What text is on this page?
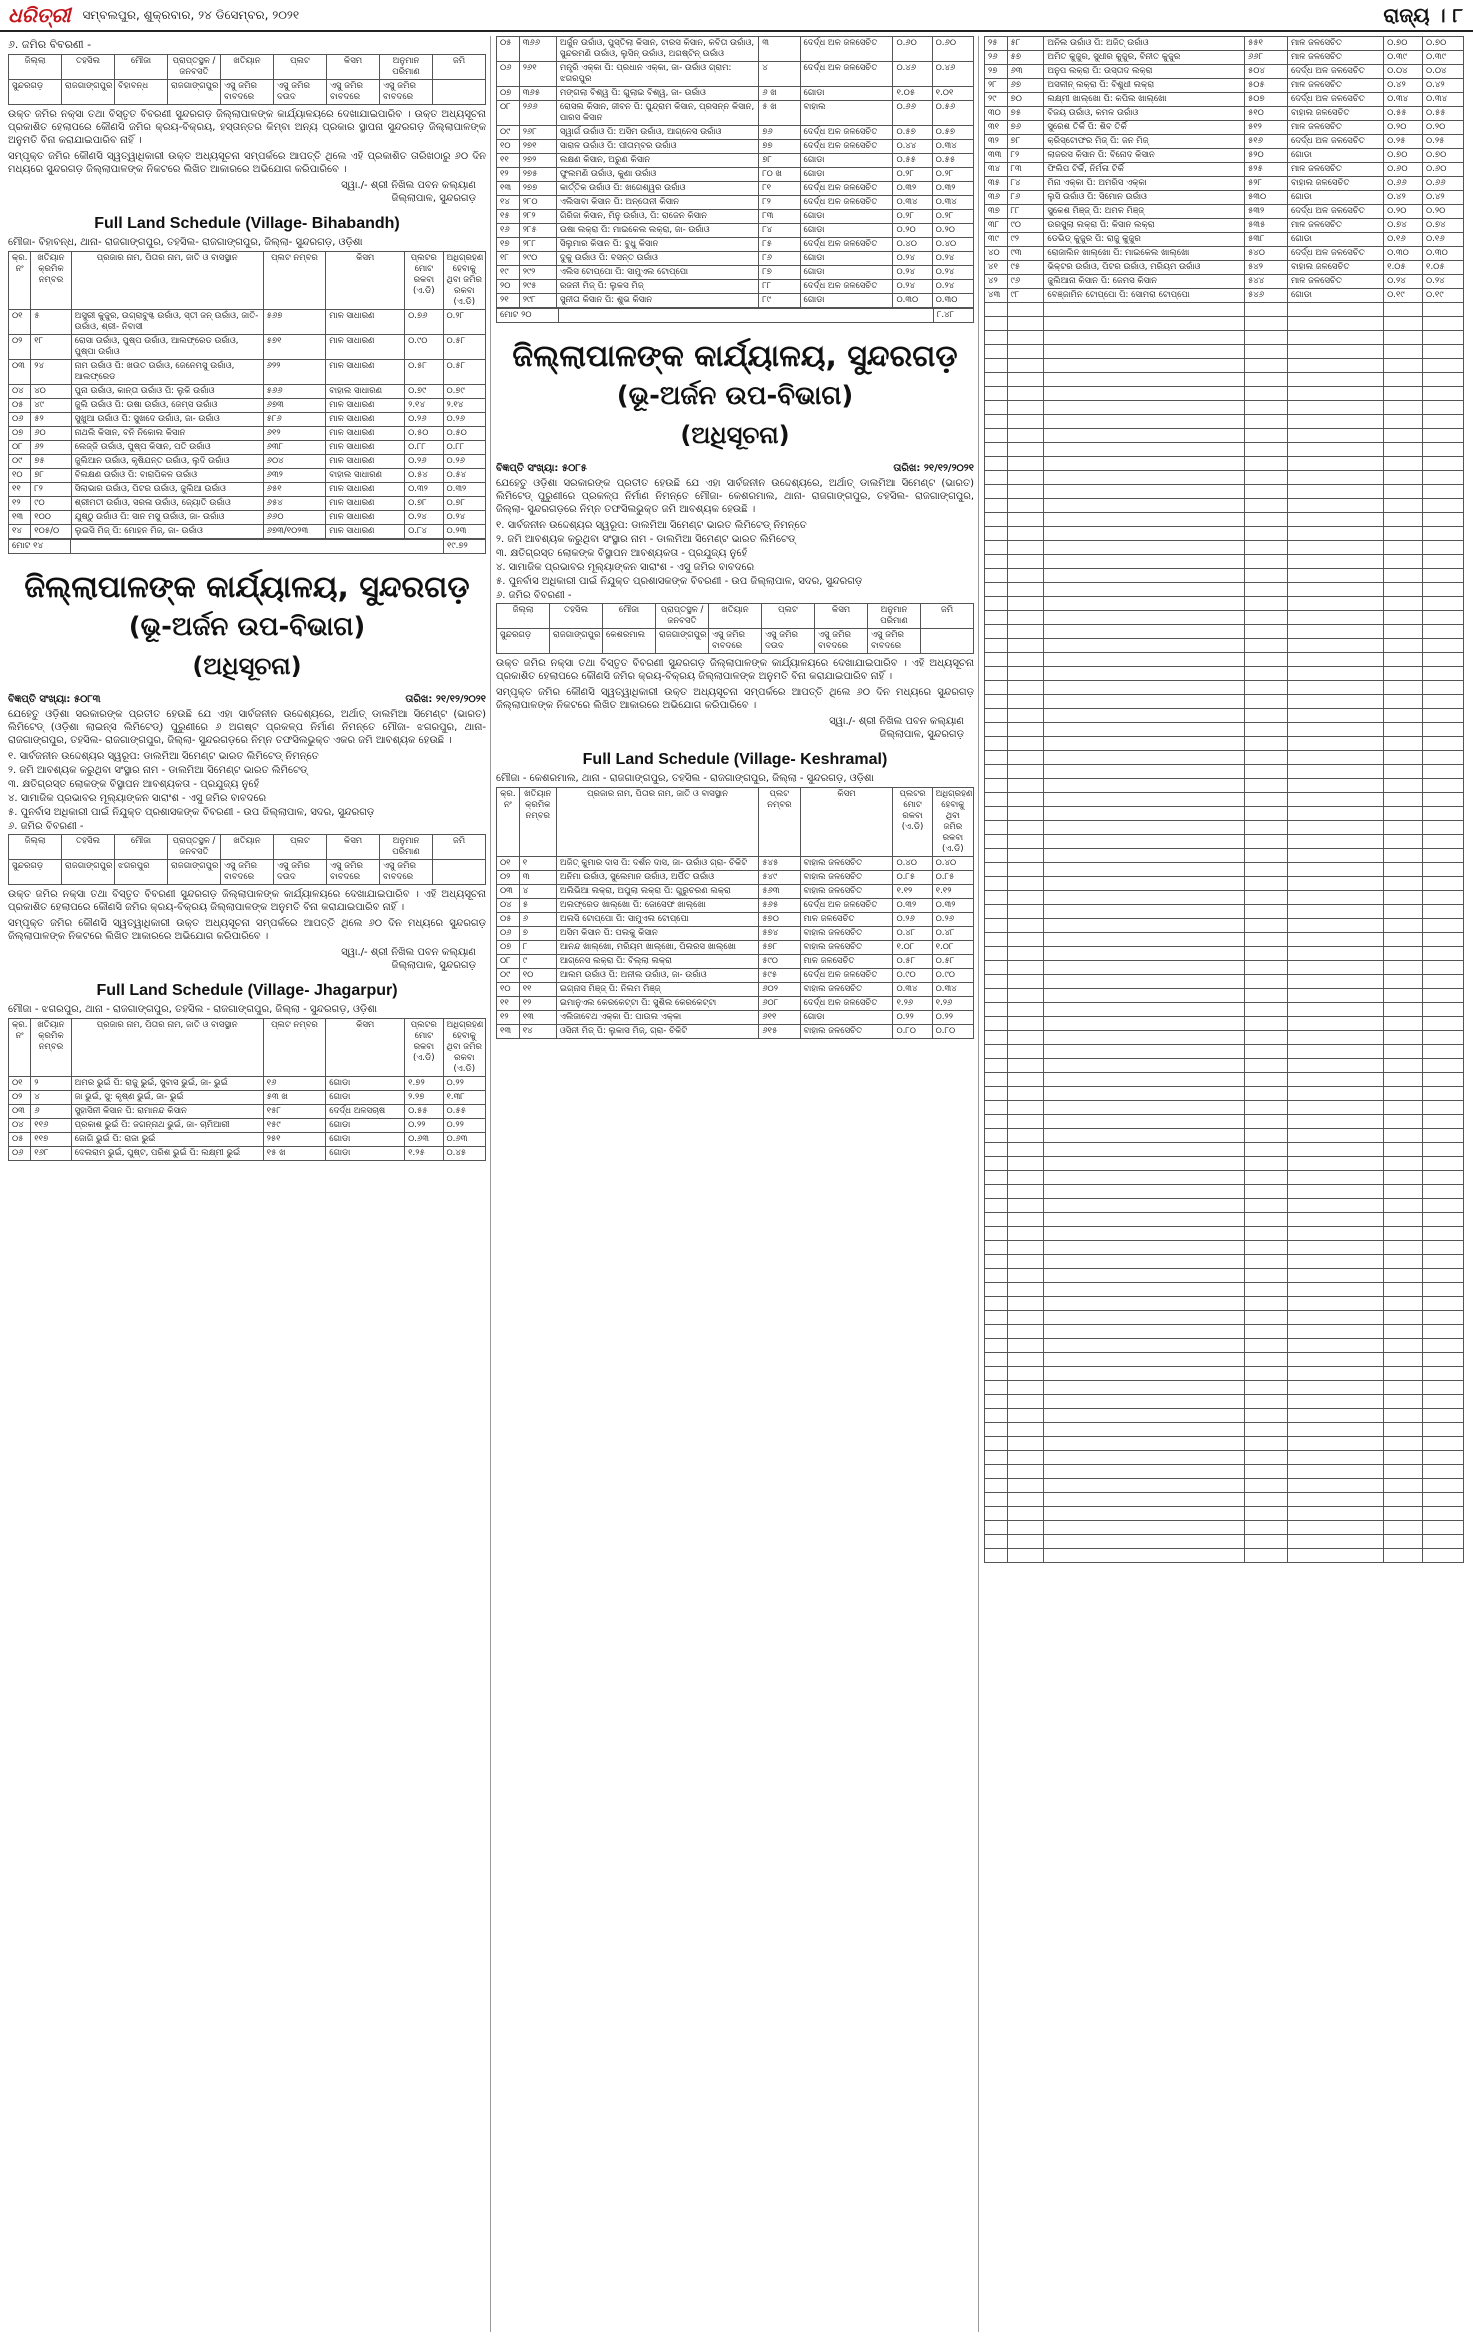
ଧରିତ୍ରୀ ସମ୍ବଲପୁର, ଶୁକ୍ରବାର, ୨୪ ଡିସେମ୍ବର, ୨୦୨୧	ରାଜ୍ୟ । ୮
୬. ଜମିର ବିବରଣୀ -
ଜିଲ୍ଲା	ତହସିଲ	ମୌଜା	ପ୍ରାପ୍ତସ୍ଥଳ / ଜନବସତି	ଖତିୟାନ	ପ୍ଲଟ	କିସମ	ଅନୁମାନ ପରିମାଣ	ଜମି
ସୁନ୍ଦରଗଡ଼	ରାଜଗାଙ୍ଗପୁର	ବିହାବନ୍ଧ	ରାଜଗାଙ୍ଗପୁର	ଏସୁ ଜମିର ବାବଦରେ	ଏସୁ ଜମିର ଦଉଦ	ଏସୁ ଜମିର ବାବଦରେ	ଏସୁ ଜମିର ବାବଦରେ	

ଉକ୍ତ ଜମିର ନକ୍ସା ତଥା ବିସ୍ତୃତ ବିବରଣୀ ସୁନ୍ଦରଗଡ଼ ଜିଲ୍ଲାପାଳଙ୍କ କାର୍ଯ୍ୟାଳୟରେ ଦେଖାଯାଇପାରିବ । ଉକ୍ତ ଅଧ୍ୟସୂଚନା ପ୍ରକାଶିତ ହେଲାପରେ କୌଣସି ଜମିର କ୍ରୟ-ବିକ୍ରୟ, ହସ୍ତାନ୍ତର କିମ୍ବା ଅନ୍ୟ ପ୍ରକାର ସ୍ଥାପନା ସୁନ୍ଦରଗଡ଼ ଜିଲ୍ଲାପାଳଙ୍କ ଅନୁମତି ବିନା କରାଯାଇପାରିବ ନାହିଁ ।

ସମ୍ପୃକ୍ତ ଜମିର କୌଣସି ସ୍ୱତ୍ୱାଧିକାରୀ ଉକ୍ତ ଅଧ୍ୟସୂଚନା ସମ୍ପର୍କରେ ଆପତ୍ତି ଥିଲେ ଏହି ପ୍ରକାଶିତ ତାରିଖଠାରୁ ୬୦ ଦିନ ମଧ୍ୟରେ ସୁନ୍ଦରଗଡ଼ ଜିଲ୍ଲାପାଳଙ୍କ ନିକଟରେ ଲିଖିତ ଆକାରରେ ଅଭିଯୋଗ କରିପାରିବେ ।

ସ୍ୱା./- ଶ୍ରୀ ନିଖିଲ ପବନ କଲ୍ୟାଣ
ଜିଲ୍ଲାପାଳ, ସୁନ୍ଦରଗଡ଼
Full Land Schedule (Village- Bihabandh)
ମୌଜା- ବିହାବନ୍ଧ, ଥାନା- ରାଜଗାଙ୍ଗପୁର, ତହସିଲ- ରାଜଗାଙ୍ଗପୁର, ଜିଲ୍ଲା- ସୁନ୍ଦରଗଡ଼, ଓଡ଼ିଶା
କ୍ର. ନଂ	ଖତିୟାନ କ୍ରମିକ ନମ୍ବର	ପ୍ରଜାର ନାମ, ପିତାର ନାମ, ଜାତି ଓ ବାସସ୍ଥାନ	ପ୍ଲଟ ନମ୍ବର	କିସମ	ପ୍ଲଟର ମୋଟ ରକବା (ଏ.ଡି)	ଅଧିଗ୍ରହଣ ହେବାକୁ ଥିବା ଜମିର ରକବା (ଏ.ଡି)
୦୧	୫	ଅସୁରୀ କୁଜୁର, ଉଗ୍ରାବୁଗ୍ଦ ଉରାଁଓ, ସ୍ତୀ ଜନ୍ ଉରାଁଓ, ଜାତି- ଉରାଁଓ, ଶ୍ରୀ- ନିବାସୀ	୫୬୭	ମାଳ ସାଧାରଣ	୦.୭୬	୦.୨୮
୦୨	୧୮	ରୋସା ଉରାଁଓ, ପୁଷ୍ପ ଉରାଁଓ, ଆଲଫ୍ରେଡ ଉରାଁଓ, ପୁଷ୍ପା ଉରାଁଓ	୫୭୧	ମାଳ ସାଧାରଣ	୦.୯୦	୦.୫୮
୦୩	୨୪	ନାମ ଉରାଁଓ ପି: ଖଉତ ଉରାଁଓ, ଜେନେମସୁ ଉରାଁଓ, ଆଲଫ୍ରେଡ	୬୨୨	ମାଳ ସାଧାରଣ	୦.୫୮	୦.୫୮
୦୪	୪୦	ପୁନା ଉରାଁଓ, କାନ୍ତା ଉରାଁଓ ପି: ଲୁକି ଉରାଁଓ	୫୬୬	ବାହାଲ ସାଧାରଣ	୦.୭୯	୦.୭୯
୦୫	୪୯	ଜୁଲି ଉରାଁଓ ପି: ଉଷା ଉରାଁଓ, ଜେମ୍ସ ଉରାଁଓ	୬୭୩	ମାଳ ସାଧାରଣ	୨.୧୪	୨.୧୪
୦୬	୫୨	ସୁଖୁଆ ଉରାଁଓ ପି: ସୁଖଦେ ଉରାଁଓ, ଜା- ଉରାଁଓ	୫୮୬	ମାଳ ସାଧାରଣ	୦.୨୬	୦.୨୬
୦୭	୬୦	ନାଥଲି କିସାନ, ବନି ନିକୋଲ କିସାନ	୬୧୨	ମାଳ ସାଧାରଣ	୦.୫୦	୦.୫୦
୦୮	୬୨	ଲେଜ୍ଜି ଉରାଁଓ, ପୁଷ୍ପ କିସାନ, ପତି ଉରାଁଓ	୬୩୮	ମାଳ ସାଧାରଣ	୦.୮୮	୦.୮୮
୦୯	୭୫	ଜୁଲିଆନ ଉରାଁଓ, କୃଷିଯନ୍ତ ଉରାଁଓ, ଲୁଦି ଉରାଁଓ	୬୦୪	ମାଳ ସାଧାରଣ	୦.୨୬	୦.୨୬
୧୦	୭୮	ବିଲକ୍ଷଣ ଉରାଁଓ ପି: ବାରାପିକଳ ଉରାଁଓ	୬୩୨	ବାହାଲ ସାଧାରଣ	୦.୫୪	୦.୫୪
୧୧	୮୨	ସିଲାଭାର ଉରାଁଓ, ପିଟର ଉରାଁଓ, ଜୁଲିଆ ଉରାଁଓ	୬୫୧	ମାଳ ସାଧାରଣ	୦.୩୨	୦.୩୨
୧୨	୯୦	ଶ୍ରୀମତୀ ଉରାଁଓ, ସରଳା ଉରାଁଓ, ଜ୍ୟୋତି ଉରାଁଓ	୬୫୪	ମାଳ ସାଧାରଣ	୦.୭୮	୦.୭୮
୧୩	୧୦୦	ଯୁଷ୍ଠୁ ଉରାଁଓ ପି: ସାନ ମସୁ ଉରାଁଓ, ଜା- ଉରାଁଓ	୬୬୦	ମାଳ ସାଧାରଣ	୦.୨୪	୦.୨୪
୧୪	୧୦୫/୦	ଲୁଇସି ମିଜ୍ ପି: ମୋହନ ମିଜ୍, ଜା- ଉରାଁଓ	୬୭୩/୧୦୨୩	ମାଳ ସାଧାରଣ	୦.୮୪	୦.୨୩
ମୋଟ ୧୪		୧୯.୭୨
ଜିଲ୍ଲାପାଳଙ୍କ କାର୍ଯ୍ୟାଳୟ, ସୁନ୍ଦରଗଡ଼
(ଭୂ-ଅର୍ଜନ ଉପ-ବିଭାଗ)
(ଅଧିସୂଚନା)
ବିଜ୍ଞପ୍ତି ସଂଖ୍ୟା: ୫୦୮୩	ତାରିଖ: ୨୧/୧୨/୨୦୨୧

ଯେହେତୁ ଓଡ଼ିଶା ସରକାରଙ୍କ ପ୍ରତୀତ ହେଉଛି ଯେ ଏହା ସାର୍ବଜନୀନ ଉଦ୍ଦେଶ୍ୟରେ, ଅର୍ଥାତ୍ ଡାଲମିଆ ସିମେଣ୍ଟ (ଭାରତ) ଲିମିଟେଡ୍ (ଓଡ଼ିଶା ଲାଇନ୍ସ ଲିମିଟେଡ୍) ପୁରୁଣୀରେ ୬ ଅଗଷ୍ଟ ପ୍ରକଳ୍ପ ନିର୍ମାଣ ନିମନ୍ତେ ମୌଜା- ଝଗରପୁର, ଥାନା- ରାଜଗାଙ୍ଗପୁର, ତହସିଲ- ରାଜଗାଙ୍ଗପୁର, ଜିଲ୍ଲା- ସୁନ୍ଦରଗଡ଼ରେ ନିମ୍ନ ତଫସିଲଭୁକ୍ତ ଏକର ଜମି ଆବଶ୍ୟକ ହେଉଛି ।

୧. ସାର୍ବଜନୀନ ଉଦ୍ଦେଶ୍ୟର ସ୍ୱରୂପ: ଡାଲମିଆ ସିମେଣ୍ଟ ଭାରତ ଲିମିଟେଡ୍ ନିମନ୍ତେ

୨. ଜମି ଆବଶ୍ୟକ କରୁଥିବା ସଂସ୍ଥାର ନାମ - ଡାଲମିଆ ସିମେଣ୍ଟ ଭାରତ ଲିମିଟେଡ୍

୩. କ୍ଷତିଗ୍ରସ୍ତ ଲୋକଙ୍କ ବିସ୍ଥାପନ ଆବଶ୍ୟକତା - ପ୍ରଯୁଜ୍ୟ ନୁହେଁ

୪. ସାମାଜିକ ପ୍ରଭାବର ମୂଲ୍ୟାଙ୍କନ ସାରାଂଶ - ଏସୁ ଜମିର ବାବଦରେ

୫. ପୁନର୍ବାସ ଅଧିକାରୀ ପାଇଁ ନିଯୁକ୍ତ ପ୍ରଶାସକଙ୍କ ବିବରଣୀ - ଉପ ଜିଲ୍ଲାପାଳ, ସଦର, ସୁନ୍ଦରଗଡ଼

୬. ଜମିର ବିବରଣୀ -

ଜିଲ୍ଲା	ତହସିଲ	ମୌଜା	ପ୍ରାପ୍ତସ୍ଥଳ / ଜନବସତି	ଖତିୟାନ	ପ୍ଲଟ	କିସମ	ଅନୁମାନ ପରିମାଣ	ଜମି
ସୁନ୍ଦରଗଡ଼	ରାଜଗାଙ୍ଗପୁର	ଝଗରପୁର	ରାଜଗାଙ୍ଗପୁର	ଏସୁ ଜମିର ବାବଦରେ	ଏସୁ ଜମିର ଦଉଦ	ଏସୁ ଜମିର ବାବଦରେ	ଏସୁ ଜମିର ବାବଦରେ	

ଉକ୍ତ ଜମିର ନକ୍ସା ତଥା ବିସ୍ତୃତ ବିବରଣୀ ସୁନ୍ଦରଗଡ଼ ଜିଲ୍ଲାପାଳଙ୍କ କାର୍ଯ୍ୟାଳୟରେ ଦେଖାଯାଇପାରିବ । ଏହି ଅଧ୍ୟସୂଚନା ପ୍ରକାଶିତ ହେଲାପରେ କୌଣସି ଜମିର କ୍ରୟ-ବିକ୍ରୟ ଜିଲ୍ଲାପାଳଙ୍କ ଅନୁମତି ବିନା କରାଯାଇପାରିବ ନାହିଁ ।

ସମ୍ପୃକ୍ତ ଜମିର କୌଣସି ସ୍ୱତ୍ୱାଧିକାରୀ ଉକ୍ତ ଅଧ୍ୟସୂଚନା ସମ୍ପର୍କରେ ଆପତ୍ତି ଥିଲେ ୬୦ ଦିନ ମଧ୍ୟରେ ସୁନ୍ଦରଗଡ଼ ଜିଲ୍ଲାପାଳଙ୍କ ନିକଟରେ ଲିଖିତ ଆକାରରେ ଅଭିଯୋଗ କରିପାରିବେ ।

ସ୍ୱା./- ଶ୍ରୀ ନିଖିଲ ପବନ କଲ୍ୟାଣ
ଜିଲ୍ଲାପାଳ, ସୁନ୍ଦରଗଡ଼
Full Land Schedule (Village- Jhagarpur)
ମୌଜା - ଝଗରପୁର, ଥାନା - ରାଜଗାଙ୍ଗପୁର, ତହସିଲ - ରାଜଗାଙ୍ଗପୁର, ଜିଲ୍ଲା - ସୁନ୍ଦରଗଡ଼, ଓଡ଼ିଶା
କ୍ର. ନଂ	ଖତିୟାନ କ୍ରମିକ ନମ୍ବର	ପ୍ରଜାର ନାମ, ପିତାର ନାମ, ଜାତି ଓ ବାସସ୍ଥାନ	ପ୍ଲଟ ନମ୍ବର	କିସମ	ପ୍ଲଟର ମୋଟ ରକବା (ଏ.ଡି)	ଅଧିଗ୍ରହଣ ହେବାକୁ ଥିବା ଜମିର ରକବା (ଏ.ଡି)
୦୧	୨	ଅମର ଭୁଇଁ ପି: ରାଜୁ ଭୁଇଁ, ସୁବାସ ଭୁଇଁ, ଜା- ଭୁଇଁ	୧୬	ଗୋଡା	୧.୭୨	୦.୨୨
୦୨	୪	ଜା ଭୁଇଁ, ସୁ: କୃଷ୍ଣ ଭୁଇଁ, ଜା- ଭୁଇଁ	୫୩ ଖ	ଗୋଡା	୨.୨୭	୧.୩୮
୦୩	୬	ସୁହାସିନୀ କିସାନ ପି: ରାମାନନ୍ଦ କିସାନ	୧୫୮	ଦେର୍ଦ୍ଧ ଅଳସଚାଷ	୦.୫୫	୦.୫୫
୦୪	୧୧୬	ପ୍ରକାଶ ଭୁଇଁ ପି: ଜଗନ୍ନାଥ ଭୁଇଁ, ଜା- ଚାମିଆରୀ	୧୫୯	ଗୋଡା	୦.୨୨	୦.୨୨
୦୫	୧୧୭	ଜୋଗି ଭୁଇଁ ପି: ରାଜା ଭୁଇଁ	୨୫୧	ଗୋଡା	୦.୬୩	୦.୬୩
୦୬	୧୬୮	ଦେଲରାମ ଭୁଇଁ, ପୁଷ୍ଟ, ପରିଶ ଭୁଇଁ ପି: ଲକ୍ଷ୍ମୀ ଭୁଇଁ	୧୫ ଖ	ଗୋଡା	୧.୨୫	୦.୪୫
୦୫	୩୬୬	ଅର୍ଜୁନ ଉରାଁଓ, ପୁସ୍ତିଲା କିସାନ, ଟାରସ କିସାନ, କବିତା ଉରାଁଓ, ସୁନ୍ଦରମଣି ଉରାଁଓ, ଲୁସିନ୍ ଉରାଁଓ, ଅଗଷ୍ଟିନ୍ ଉରାଁଓ	୩	ଦେର୍ଦ୍ଧ ଅଳ ଜଳସେଚିତ	୦.୬୦	୦.୬୦
୦୬	୨୬୧	ମନ୍ତ୍ରି ଏକ୍କା ପି: ପ୍ରଧାନ ଏକ୍କା, ଜା- ଉରାଁଓ ଗ୍ରାମ: ଝଗରପୁର	୪	ଦେର୍ଦ୍ଧ ଅଳ ଜଳସେଚିତ	୦.୪୬	୦.୪୬
୦୭	୩୬୫	ମଙ୍ଗଲା ବିଶ୍ୱ ପି: ଗୁଲାଇ ବିଶ୍ୱ, ଜା- ଉରାଁଓ	୬ ଖ	ଗୋଡା	୧.୦୫	୧.୦୧
୦୮	୨୬୬	ରୋସଲ କିସାନ, ଜୀବନ ପି: ପୁନ୍ଦ୍ରାମ କିସାନ, ପ୍ରସନ୍ନ କିସାନ, ପାରସ କିସାନ	୫ ଖ	ବାହାଲ	୦.୬୬	୦.୫୬
୦୯	୨୬୮	ସ୍ୱାର୍ଗ ଉରାଁଓ ପି: ଅସିମ ଉରାଁଓ, ଆଗ୍ନେସ ଉରାଁଓ	୭୬	ଦେର୍ଦ୍ଧ ଅଳ ଜଳସେଚିତ	୦.୫୭	୦.୫୭
୧୦	୨୭୧	ସାରାଳ ଉରାଁଓ ପି: ପୀତାମ୍ବର ଉରାଁଓ	୭୭	ଦେର୍ଦ୍ଧ ଅଳ ଜଳସେଚିତ	୦.୪୪	୦.୩୪
୧୧	୨୭୨	ଲକ୍ଷଣ କିସାନ, ଅରୁଣ କିସାନ	୭୮	ଗୋଡା	୦.୫୫	୦.୫୫
୧୨	୨୭୫	ଫୁଲମଣି ଉରାଁଓ, କୁଣା ଉରାଁଓ	୮୦ ଖ	ଗୋଡା	୦.୨୮	୦.୨୮
୧୩	୨୭୭	କାର୍ତ୍ତିକ ଉରାଁଓ ପି: ଖଗେଶ୍ୱର ଉରାଁଓ	୮୧	ଦେର୍ଦ୍ଧ ଅଳ ଜଳସେଚିତ	୦.୩୨	୦.୩୨
୧୪	୨୮୦	ଏଲିସାବା କିସାନ ପି: ଅନ୍ତୋନୀ କିସାନ	୮୨	ଦେର୍ଦ୍ଧ ଅଳ ଜଳସେଚିତ	୦.୩୪	୦.୩୪
୧୫	୨୮୨	ଗିରିଜା କିସାନ, ମିନୁ ଉରାଁଓ, ପି: ରାଜେନ କିସାନ	୮୩	ଗୋଡା	୦.୨୮	୦.୨୮
୧୬	୨୮୫	ଉଷା ଲକ୍ରା ପି: ମାଇକେଲ ଲକ୍ରା, ଜା- ଉରାଁଓ	୮୪	ଗୋଡା	୦.୨୦	୦.୨୦
୧୭	୨୮୮	ସିଲୁମାର କିସାନ ପି: ବୁଧୁ କିସାନ	୮୫	ଦେର୍ଦ୍ଧ ଅଳ ଜଳସେଚିତ	୦.୪୦	୦.୪୦
୧୮	୨୯୦	ଦୁକୁ ଉରାଁଓ ପି: ବସନ୍ତ ଉରାଁଓ	୮୬	ଗୋଡା	୦.୨୪	୦.୨୪
୧୯	୨୯୨	ଏଲିସ ଟୋପ୍ପୋ ପି: ସାମୁଏଲ ଟୋପ୍ପୋ	୮୭	ଗୋଡା	୦.୨୪	୦.୨୪
୨୦	୨୯୫	ରଜନୀ ମିଜ୍ ପି: ଲୁକସ ମିଜ୍	୮୮	ଦେର୍ଦ୍ଧ ଅଳ ଜଳସେଚିତ	୦.୨୪	୦.୨୪
୨୧	୨୯୮	ସୁନୀତା କିସାନ ପି: ଶୁଭ କିସାନ	୮୯	ଗୋଡା	୦.୩୦	୦.୩୦
ମୋଟ ୨୦		୮.୪୮
ଜିଲ୍ଲାପାଳଙ୍କ କାର୍ଯ୍ୟାଳୟ, ସୁନ୍ଦରଗଡ଼
(ଭୂ-ଅର୍ଜନ ଉପ-ବିଭାଗ)
(ଅଧିସୂଚନା)
ବିଜ୍ଞପ୍ତି ସଂଖ୍ୟା: ୫୦୮୫	ତାରିଖ: ୨୧/୧୨/୨୦୨୧

ଯେହେତୁ ଓଡ଼ିଶା ସରକାରଙ୍କ ପ୍ରତୀତ ହେଉଛି ଯେ ଏହା ସାର୍ବଜନୀନ ଉଦ୍ଦେଶ୍ୟରେ, ଅର୍ଥାତ୍ ଡାଲମିଆ ସିମେଣ୍ଟ (ଭାରତ) ଲିମିଟେଡ୍ ପୁରୁଣୀରେ ପ୍ରକଳ୍ପ ନିର୍ମାଣ ନିମନ୍ତେ ମୌଜା- କେଶରମାଲ, ଥାନା- ରାଜଗାଙ୍ଗପୁର, ତହସିଲ- ରାଜଗାଙ୍ଗପୁର, ଜିଲ୍ଲା- ସୁନ୍ଦରଗଡ଼ରେ ନିମ୍ନ ତଫସିଲଭୁକ୍ତ ଜମି ଆବଶ୍ୟକ ହେଉଛି ।

୧. ସାର୍ବଜନୀନ ଉଦ୍ଦେଶ୍ୟର ସ୍ୱରୂପ: ଡାଲମିଆ ସିମେଣ୍ଟ ଭାରତ ଲିମିଟେଡ୍ ନିମନ୍ତେ

୨. ଜମି ଆବଶ୍ୟକ କରୁଥିବା ସଂସ୍ଥାର ନାମ - ଡାଲମିଆ ସିମେଣ୍ଟ ଭାରତ ଲିମିଟେଡ୍

୩. କ୍ଷତିଗ୍ରସ୍ତ ଲୋକଙ୍କ ବିସ୍ଥାପନ ଆବଶ୍ୟକତା - ପ୍ରଯୁଜ୍ୟ ନୁହେଁ

୪. ସାମାଜିକ ପ୍ରଭାବର ମୂଲ୍ୟାଙ୍କନ ସାରାଂଶ - ଏସୁ ଜମିର ବାବଦରେ

୫. ପୁନର୍ବାସ ଅଧିକାରୀ ପାଇଁ ନିଯୁକ୍ତ ପ୍ରଶାସକଙ୍କ ବିବରଣୀ - ଉପ ଜିଲ୍ଲାପାଳ, ସଦର, ସୁନ୍ଦରଗଡ଼

୬. ଜମିର ବିବରଣୀ -

ଜିଲ୍ଲା	ତହସିଲ	ମୌଜା	ପ୍ରାପ୍ତସ୍ଥଳ / ଜନବସତି	ଖତିୟାନ	ପ୍ଲଟ	କିସମ	ଅନୁମାନ ପରିମାଣ	ଜମି
ସୁନ୍ଦରଗଡ଼	ରାଜଗାଙ୍ଗପୁର	କେଶରମାଲ	ରାଜଗାଙ୍ଗପୁର	ଏସୁ ଜମିର ବାବଦରେ	ଏସୁ ଜମିର ଦଉଦ	ଏସୁ ଜମିର ବାବଦରେ	ଏସୁ ଜମିର ବାବଦରେ	

ଉକ୍ତ ଜମିର ନକ୍ସା ତଥା ବିସ୍ତୃତ ବିବରଣୀ ସୁନ୍ଦରଗଡ଼ ଜିଲ୍ଲାପାଳଙ୍କ କାର୍ଯ୍ୟାଳୟରେ ଦେଖାଯାଇପାରିବ । ଏହି ଅଧ୍ୟସୂଚନା ପ୍ରକାଶିତ ହେଲାପରେ କୌଣସି ଜମିର କ୍ରୟ-ବିକ୍ରୟ ଜିଲ୍ଲାପାଳଙ୍କ ଅନୁମତି ବିନା କରାଯାଇପାରିବ ନାହିଁ ।

ସମ୍ପୃକ୍ତ ଜମିର କୌଣସି ସ୍ୱତ୍ୱାଧିକାରୀ ଉକ୍ତ ଅଧ୍ୟସୂଚନା ସମ୍ପର୍କରେ ଆପତ୍ତି ଥିଲେ ୬୦ ଦିନ ମଧ୍ୟରେ ସୁନ୍ଦରଗଡ଼ ଜିଲ୍ଲାପାଳଙ୍କ ନିକଟରେ ଲିଖିତ ଆକାରରେ ଅଭିଯୋଗ କରିପାରିବେ ।

ସ୍ୱା./- ଶ୍ରୀ ନିଖିଲ ପବନ କଲ୍ୟାଣ
ଜିଲ୍ଲାପାଳ, ସୁନ୍ଦରଗଡ଼
Full Land Schedule (Village- Keshramal)
ମୌଜା - କେଶରମାଲ, ଥାନା - ରାଜଗାଙ୍ଗପୁର, ତହସିଲ - ରାଜଗାଙ୍ଗପୁର, ଜିଲ୍ଲା - ସୁନ୍ଦରଗଡ଼, ଓଡ଼ିଶା
କ୍ର. ନଂ	ଖତିୟାନ କ୍ରମିକ ନମ୍ବର	ପ୍ରଜାର ନାମ, ପିତାର ନାମ, ଜାତି ଓ ବାସସ୍ଥାନ	ପ୍ଲଟ ନମ୍ବର	କିସମ	ପ୍ଲଟର ମୋଟ ରକବା (ଏ.ଡି)	ଅଧିଗ୍ରହଣ ହେବାକୁ ଥିବା ଜମିର ରକବା (ଏ.ଡି)
୦୧	୧	ଅଜିତ୍ କୁମାର ଦାସ ପି: ଦର୍ଶନ ଦାସ, ଜା- ଉରାଁଓ ଗ୍ରା- ଚିକିଟି	୫୪୫	ବାହାଲ ଜଳସେଚିତ	୦.୪୦	୦.୪୦
୦୨	୩	ଅନିମା ଉରାଁଓ, ସୁଲେମାନ ଉରାଁଓ, ଅର୍ପିତ ଉରାଁଓ	୫୪୯	ବାହାଲ ଜଳସେଚିତ	୦.୮୫	୦.୮୫
୦୩	୪	ଅଲିଭିଆ ଲକ୍ରା, ଅପୁଲା ଲକ୍ରା ପି: ଗୁରୁଚରଣ ଲକ୍ରା	୫୬୩	ବାହାଲ ଜଳସେଚିତ	୧.୧୨	୧.୧୨
୦୪	୫	ଅଲଫ୍ରେଡ ଖାଲ୍ଖୋ ପି: ଜୋସେଫ ଖାଲ୍ଖୋ	୫୬୫	ଦେର୍ଦ୍ଧ ଅଳ ଜଳସେଚିତ	୦.୩୨	୦.୩୨
୦୫	୬	ଅଲସି ଟୋପ୍ପୋ ପି: ସାମୁଏଲ ଟୋପ୍ପୋ	୫୭୦	ମାଳ ଜଳସେଚିତ	୦.୨୬	୦.୨୬
୦୬	୭	ଅସିମ କିସାନ ପି: ପଲକୁ କିସାନ	୫୭୪	ବାହାଲ ଜଳସେଚିତ	୦.୪୮	୦.୪୮
୦୭	୮	ଆନନ୍ଦ ଖାଲ୍ଖୋ, ମରିୟମ ଖାଲ୍ଖୋ, ପିଲରସ ଖାଲ୍ଖୋ	୫୭୮	ବାହାଲ ଜଳସେଚିତ	୧.୦୮	୧.୦୮
୦୮	୯	ଆଗ୍ନେସ ଲକ୍ରା ପି: ବିଲ୍ଲା ଲକ୍ରା	୫୯୦	ମାଳ ଜଳସେଚିତ	୦.୫୮	୦.୫୮
୦୯	୧୦	ଆଲମ ଉରାଁଓ ପି: ଅନୀଲ ଉରାଁଓ, ଜା- ଉରାଁଓ	୫୯୫	ଦେର୍ଦ୍ଧ ଅଳ ଜଳସେଚିତ	୦.୯୦	୦.୯୦
୧୦	୧୧	ଇଗ୍ନାସ ମିଞ୍ଜ୍ ପି: ନିଲମ ମିଞ୍ଜ୍	୬୦୨	ବାହାଲ ଜଳସେଚିତ	୦.୩୪	୦.୩୪
୧୧	୧୨	ଇମାନୁଏଲ କେରକେଟ୍ଟା ପି: ସୁଶିଲ କେରକେଟ୍ଟା	୬୦୮	ଦେର୍ଦ୍ଧ ଅଳ ଜଳସେଚିତ	୧.୨୬	୧.୨୬
୧୨	୧୩	ଏଲିଜାବେଥ ଏକ୍କା ପି: ପାଉଲ ଏକ୍କା	୬୧୧	ଗୋଡା	୦.୨୨	୦.୨୨
୧୩	୧୪	ଓସିନୀ ମିଜ୍ ପି: ଲୁକାସ ମିଜ୍, ଗ୍ରା- ଚିକିଟି	୬୧୫	ବାହାଲ ଜଳସେଚିତ	୦.୮୦	୦.୮୦
୨୫	୫୮	ଅନିଲ ଉରାଁଓ ପି: ଅଜିତ୍ ଉରାଁଓ	୫୫୧	ମାଳ ଜଳସେଚିତ	୦.୭୦	୦.୭୦
୨୬	୫୭	ଅମିତ କୁଜୁର, ସୁଧୀର କୁଜୁର, ବିନୀତ କୁଜୁର	୬୬୮	ମାଳ ଜଳସେଚିତ	୦.୩୯	୦.୩୯
୨୭	୬୩	ଅନୁପ ଲକ୍ରା ପି: ଉସ୍ତାଦ ଲକ୍ରା	୫୦୪	ଦେର୍ଦ୍ଧ ଅଳ ଜଳସେଚିତ	୦.୦୪	୦.୦୪
୨୮	୬୭	ଅସଳୀନ୍ ଲକ୍ରା ପି: ବିଶୁଧୀ ଲକ୍ରା	୫୦୫	ମାଳ ଜଳସେଚିତ	୦.୪୨	୦.୪୨
୨୯	୭୦	ଲକ୍ଷ୍ମୀ ଖାଲ୍ଖୋ ପି: କପିଲ ଖାଲ୍ଖୋ	୫୦୭	ଦେର୍ଦ୍ଧ ଅଳ ଜଳସେଚିତ	୦.୩୪	୦.୩୪
୩୦	୭୫	ବିଜୟ ଉରାଁଓ, କମଳ ଉରାଁଓ	୫୧୦	ବାହାଲ ଜଳସେଚିତ	୦.୫୫	୦.୫୫
୩୧	୭୬	ସୁରେଶ ତିର୍କି ପି: ଶିବ ତିର୍କି	୫୧୨	ମାଳ ଜଳସେଚିତ	୦.୨୦	୦.୨୦
୩୨	୭୮	କ୍ରିସ୍ଟୋଫର ମିଜ୍ ପି: ଜନ ମିଜ୍	୫୧୬	ଦେର୍ଦ୍ଧ ଅଳ ଜଳସେଚିତ	୦.୨୫	୦.୨୫
୩୩	୮୨	ଲାଜରସ କିସାନ ପି: ବିନୋଦ କିସାନ	୫୨୦	ଗୋଡା	୦.୭୦	୦.୭୦
୩୪	୮୩	ଫିଲିପ ଟିର୍କି, ନିର୍ମଳା ଟିର୍କି	୫୨୫	ମାଳ ଜଳସେଚିତ	୦.୬୦	୦.୬୦
୩୫	୮୪	ମିନା ଏକ୍କା ପି: ଅମରିସ ଏକ୍କା	୫୨୮	ବାହାଲ ଜଳସେଚିତ	୦.୬୬	୦.୬୬
୩୬	୮୬	ଲୁସି ଉରାଁଓ ପି: ସିମୋନ ଉରାଁଓ	୫୩୦	ଗୋଡା	୦.୪୨	୦.୪୨
୩୭	୮୮	ସୁକେଶ ମିଞ୍ଜ୍ ପି: ଅମଳ ମିଞ୍ଜ୍	୫୩୨	ଦେର୍ଦ୍ଧ ଅଳ ଜଳସେଚିତ	୦.୨୦	୦.୨୦
୩୮	୯୦	ଉରସୁଲା ଲକ୍ରା ପି: କିସାନ ଲକ୍ରା	୫୩୫	ମାଳ ଜଳସେଚିତ	୦.୭୪	୦.୭୪
୩୯	୯୨	ଡେଭିଡ୍ କୁଜୁର ପି: ରାଜୁ କୁଜୁର	୫୩୮	ଗୋଡା	୦.୧୬	୦.୧୬
୪୦	୯୩	ରୋଜାଲିନ ଖାଲ୍ଖୋ ପି: ମାଇକେଲ ଖାଲ୍ଖୋ	୫୪୦	ଦେର୍ଦ୍ଧ ଅଳ ଜଳସେଚିତ	୦.୩୦	୦.୩୦
୪୧	୯୫	ଭିକ୍ଟର ଉରାଁଓ, ପିଟର ଉରାଁଓ, ମରିୟମ ଉରାଁଓ	୫୪୨	ବାହାଲ ଜଳସେଚିତ	୧.୦୫	୧.୦୫
୪୨	୯୬	ଜୁଲିଆନା କିସାନ ପି: ଜେମସ କିସାନ	୫୪୪	ମାଳ ଜଳସେଚିତ	୦.୨୪	୦.୨୪
୪୩	୯୮	ବେଞ୍ଜାମିନ ଟୋପ୍ପୋ ପି: ସୋମରା ଟୋପ୍ପୋ	୫୪୬	ଗୋଡା	୦.୧୯	୦.୧୯
